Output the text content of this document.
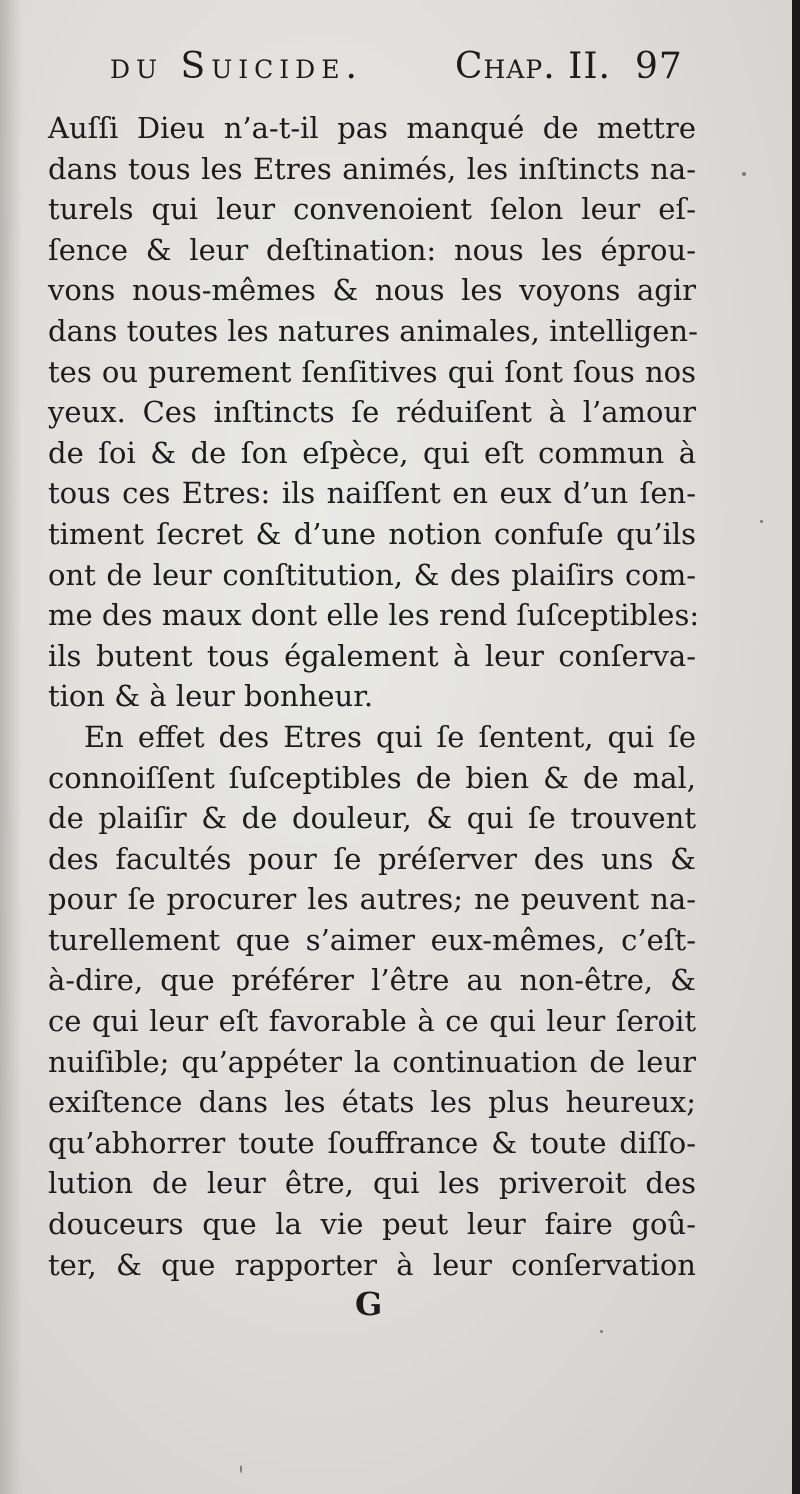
du Suicide.	Chap. II. 97
Auſſi Dieu n’a-t-il pas manqué de mettre
dans tous les Etres animés, les inſtincts na-
turels qui leur convenoient ſelon leur eſ-
ſence & leur deſtination: nous les éprou-
vons nous-mêmes & nous les voyons agir
dans toutes les natures animales, intelligen-
tes ou purement ſenſitives qui ſont ſous nos
yeux. Ces inſtincts ſe réduiſent à l’amour
de ſoi & de ſon eſpèce, qui eſt commun à
tous ces Etres: ils naiſſent en eux d’un ſen-
timent ſecret & d’une notion confuſe qu’ils
ont de leur conſtitution, & des plaiſirs com-
me des maux dont elle les rend ſuſceptibles:
ils butent tous également à leur conſerva-
tion & à leur bonheur.
En effet des Etres qui ſe ſentent, qui ſe
connoiſſent ſuſceptibles de bien & de mal,
de plaiſir & de douleur, & qui ſe trouvent
des facultés pour ſe préſerver des uns &
pour ſe procurer les autres; ne peuvent na-
turellement que s’aimer eux-mêmes, c’eſt-
à-dire, que préférer l’être au non-être, &
ce qui leur eſt favorable à ce qui leur ſeroit
nuiſible; qu’appéter la continuation de leur
exiſtence dans les états les plus heureux;
qu’abhorrer toute ſouffrance & toute diſſo-
lution de leur être, qui les priveroit des
douceurs que la vie peut leur faire goû-
ter, & que rapporter à leur conſervation
G
